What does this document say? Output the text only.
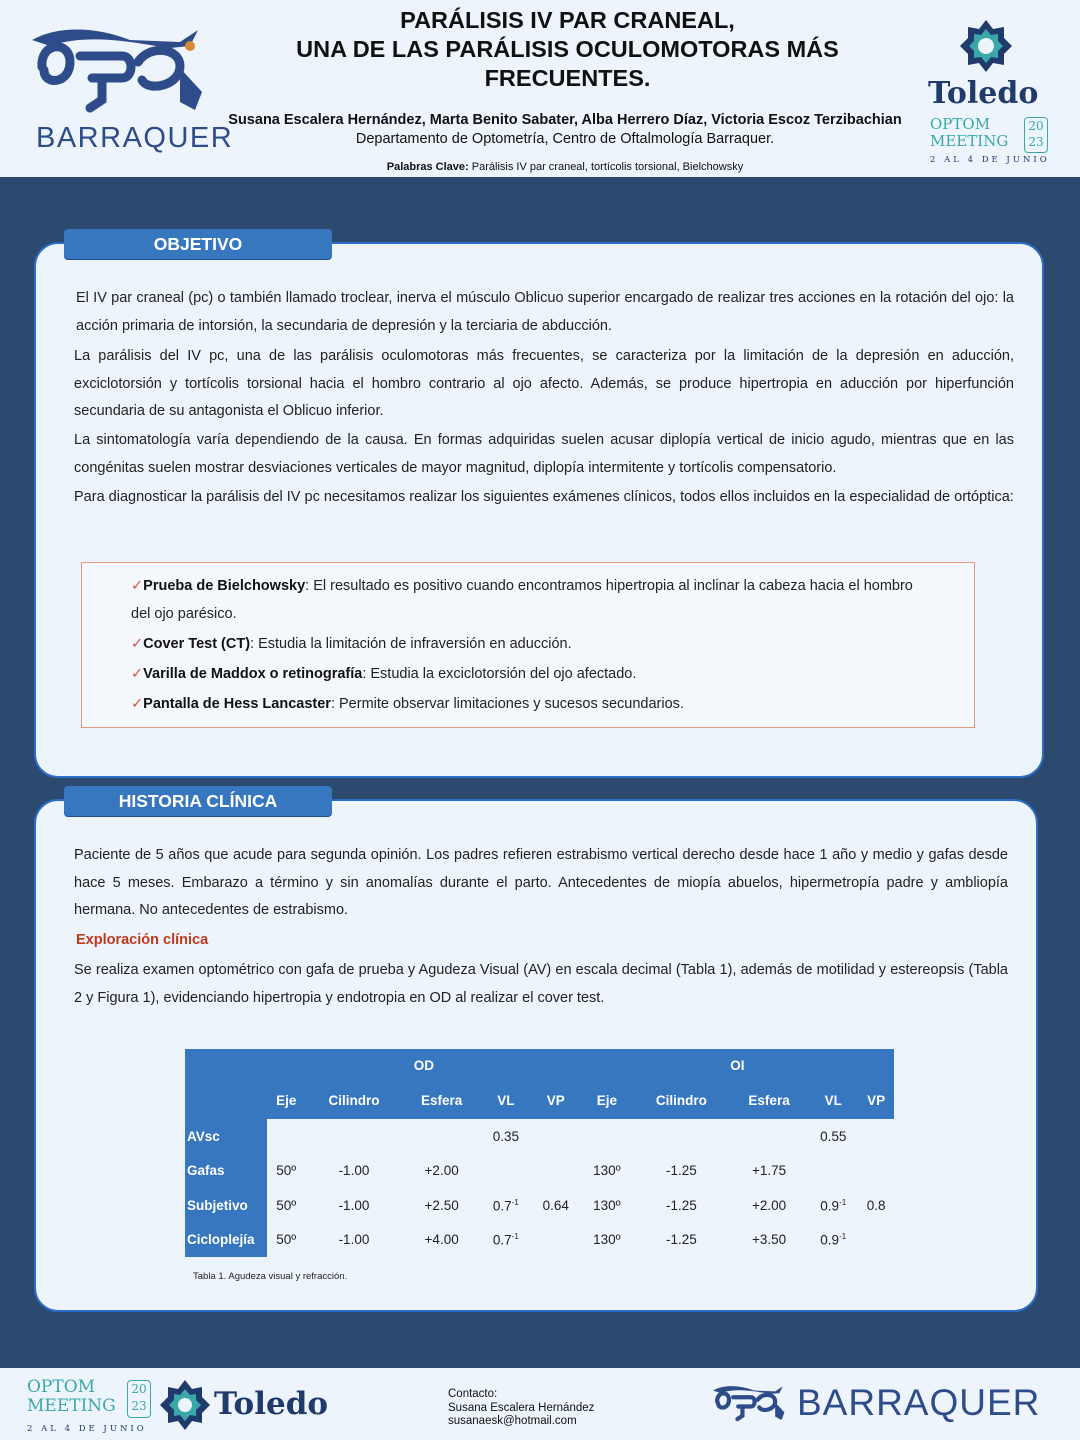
BARRAQUER
PARÁLISIS IV PAR CRANEAL,
UNA DE LAS PARÁLISIS OCULOMOTORAS MÁS
FRECUENTES.
Susana Escalera Hernández, Marta Benito Sabater, Alba Herrero Díaz, Victoria Escoz Terzibachian
Departamento de Optometría, Centro de Oftalmología Barraquer.
Palabras Clave: Parálisis IV par craneal, tortícolis torsional, Bielchowsky
Toledo
OPTOM
MEETING
20
23
2 AL 4 DE JUNIO
OBJETIVO

El IV par craneal (pc) o también llamado troclear, inerva el músculo Oblicuo superior encargado de realizar tres acciones en la rotación del ojo: la acción primaria de intorsión, la secundaria de depresión y la terciaria de abducción.

La parálisis del IV pc, una de las parálisis oculomotoras más frecuentes, se caracteriza por la limitación de la depresión en aducción, exciclotorsión y tortícolis torsional hacia el hombro contrario al ojo afecto. Además, se produce hipertropia en aducción por hiperfunción secundaria de su antagonista el Oblicuo inferior.

La sintomatología varía dependiendo de la causa. En formas adquiridas suelen acusar diplopía vertical de inicio agudo, mientras que en las congénitas suelen mostrar desviaciones verticales de mayor magnitud, diplopía intermitente y tortícolis compensatorio.

Para diagnosticar la parálisis del IV pc necesitamos realizar los siguientes exámenes clínicos, todos ellos incluidos en la especialidad de ortóptica:

✓Prueba de Bielchowsky: El resultado es positivo cuando encontramos hipertropia al inclinar la cabeza hacia el hombro
del ojo parésico.
✓Cover Test (CT): Estudia la limitación de infraversión en aducción.
✓Varilla de Maddox o retinografía: Estudia la exciclotorsión del ojo afectado.
✓Pantalla de Hess Lancaster: Permite observar limitaciones y sucesos secundarios.
HISTORIA CLÍNICA

Paciente de 5 años que acude para segunda opinión. Los padres refieren estrabismo vertical derecho desde hace 1 año y medio y gafas desde hace 5 meses. Embarazo a término y sin anomalías durante el parto. Antecedentes de miopía abuelos, hipermetropía padre y ambliopía hermana. No antecedentes de estrabismo.

Exploración clínica

Se realiza examen optométrico con gafa de prueba y Agudeza Visual (AV) en escala decimal (Tabla 1), además de motilidad y estereopsis (Tabla 2 y Figura 1), evidenciando hipertropia y endotropia en OD al realizar el cover test.

	OD					OI				
	Eje	Cilindro	Esfera	VL	VP	Eje	Cilindro	Esfera	VL	VP
AVsc				0.35					0.55	
Gafas	50º	-1.00	+2.00			130º	-1.25	+1.75		
Subjetivo	50º	-1.00	+2.50	$0.7^{-1}$	0.64	130º	-1.25	+2.00	$0.9^{-1}$	0.8
Cicloplejía	50º	-1.00	+4.00	$0.7^{-1}$		130º	-1.25	+3.50	$0.9^{-1}$	
Tabla 1. Agudeza visual y refracción.
OPTOM
MEETING
20
23
2 AL 4 DE JUNIO
Toledo	Contacto:
Susana Escalera Hernández
susanaesk@hotmail.com	BARRAQUER
